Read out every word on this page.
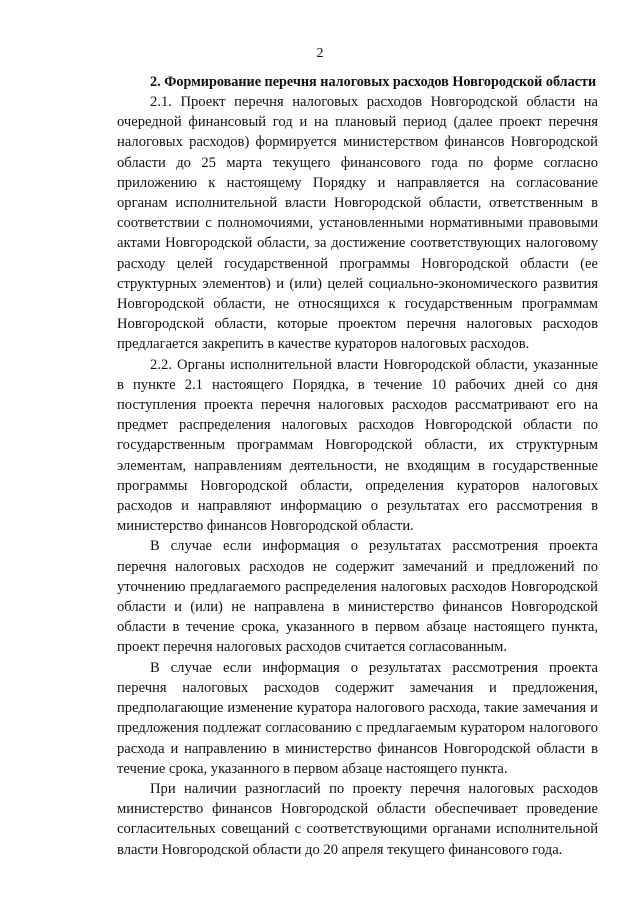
2

2. Формирование перечня налоговых расходов Новгородской области

2.1. Проект перечня налоговых расходов Новгородской области на очередной финансовый год и на плановый период (далее проект перечня налоговых расходов) формируется министерством финансов Новгородской области до 25 марта текущего финансового года по форме согласно приложению к настоящему Порядку и направляется на согласование органам исполнительной власти Новгородской области, ответственным в соответствии с полномочиями, установленными нормативными правовыми актами Новгородской области, за достижение соответствующих налоговому расходу целей государственной программы Новгородской области (ее структурных элементов) и (или) целей социально-экономического развития Новгородской области, не относящихся к государственным программам Новгородской области, которые проектом перечня налоговых расходов предлагается закрепить в качестве кураторов налоговых расходов.

2.2. Органы исполнительной власти Новгородской области, указанные в пункте 2.1 настоящего Порядка, в течение 10 рабочих дней со дня поступления проекта перечня налоговых расходов рассматривают его на предмет распределения налоговых расходов Новгородской области по государственным программам Новгородской области, их структурным элементам, направлениям деятельности, не входящим в государственные программы Новгородской области, определения кураторов налоговых расходов и направляют информацию о результатах его рассмотрения в министерство финансов Новгородской области.

В случае если информация о результатах рассмотрения проекта перечня налоговых расходов не содержит замечаний и предложений по уточнению предлагаемого распределения налоговых расходов Новгородской области и (или) не направлена в министерство финансов Новгородской области в течение срока, указанного в первом абзаце настоящего пункта, проект перечня налоговых расходов считается согласованным.

В случае если информация о результатах рассмотрения проекта перечня налоговых расходов содержит замечания и предложения, предполагающие изменение куратора налогового расхода, такие замечания и предложения подлежат согласованию с предлагаемым куратором налогового расхода и направлению в министерство финансов Новгородской области в течение срока, указанного в первом абзаце настоящего пункта.

При наличии разногласий по проекту перечня налоговых расходов министерство финансов Новгородской области обеспечивает проведение согласительных совещаний с соответствующими органами исполнительной власти Новгородской области до 20 апреля текущего финансового года.
